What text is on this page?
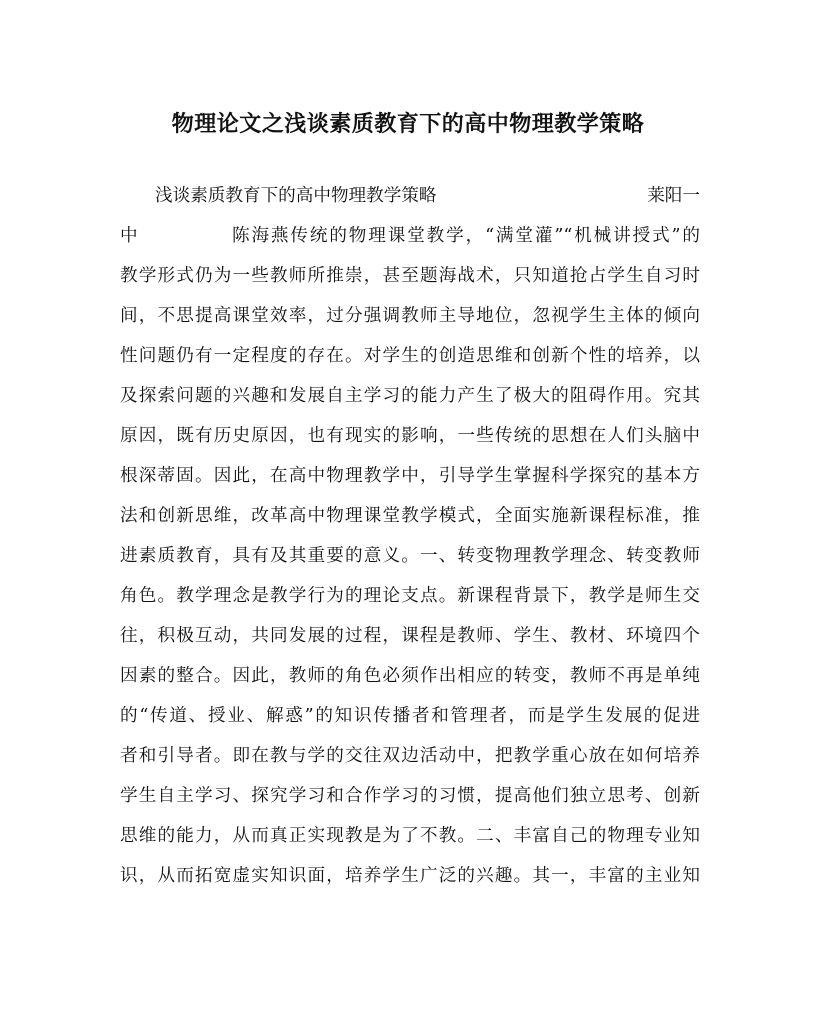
物理论文之浅谈素质教育下的高中物理教学策略
浅谈素质教育下的高中物理教学策略	莱阳一
中	陈海燕传统的物理课堂教学，“满堂灌”“机械讲授式”的
教学形式仍为一些教师所推崇，甚至题海战术，只知道抢占学生自习时
间，不思提高课堂效率，过分强调教师主导地位，忽视学生主体的倾向
性问题仍有一定程度的存在。对学生的创造思维和创新个性的培养，以
及探索问题的兴趣和发展自主学习的能力产生了极大的阻碍作用。究其
原因，既有历史原因，也有现实的影响，一些传统的思想在人们头脑中
根深蒂固。因此，在高中物理教学中，引导学生掌握科学探究的基本方
法和创新思维，改革高中物理课堂教学模式，全面实施新课程标准，推
进素质教育，具有及其重要的意义。一、转变物理教学理念、转变教师
角色。教学理念是教学行为的理论支点。新课程背景下，教学是师生交
往，积极互动，共同发展的过程，课程是教师、学生、教材、环境四个
因素的整合。因此，教师的角色必须作出相应的转变，教师不再是单纯
的“传道、授业、解惑”的知识传播者和管理者，而是学生发展的促进
者和引导者。即在教与学的交往双边活动中，把教学重心放在如何培养
学生自主学习、探究学习和合作学习的习惯，提高他们独立思考、创新
思维的能力，从而真正实现教是为了不教。二、丰富自己的物理专业知
识，从而拓宽虚实知识面，培养学生广泛的兴趣。其一，丰富的主业知
